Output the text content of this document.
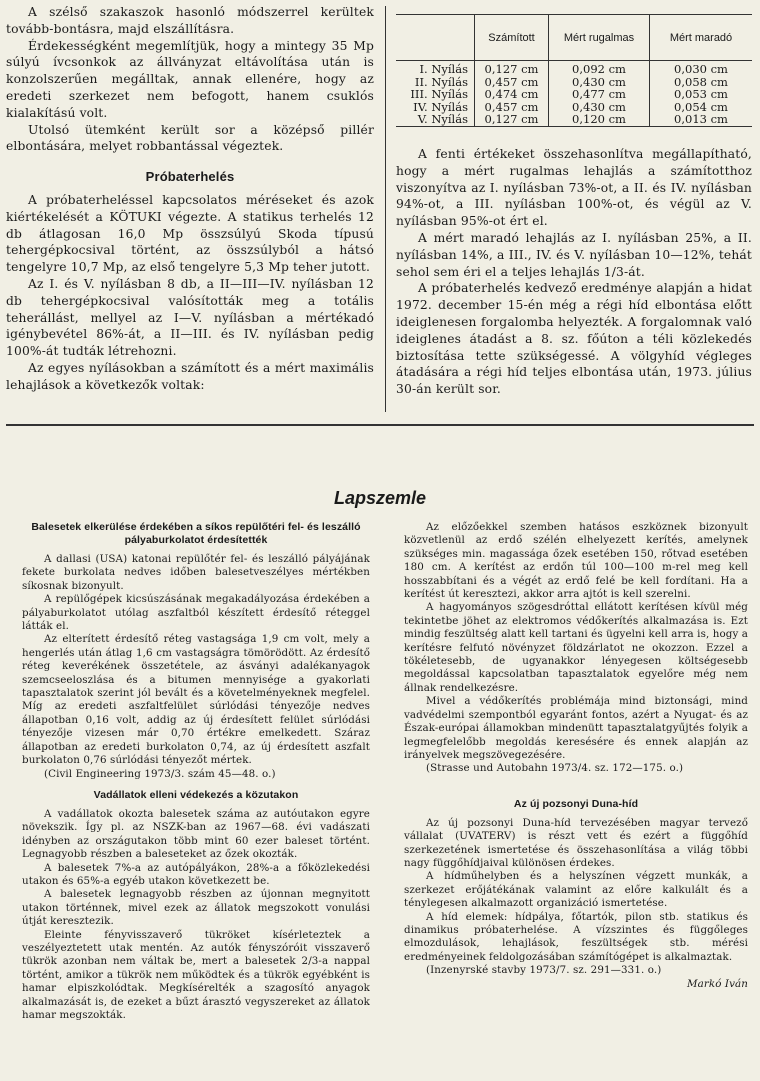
A szélső szakaszok hasonló módszerrel kerültek tovább-bontásra, majd elszállításra.

Érdekességként megemlítjük, hogy a mintegy 35 Mp súlyú ívcsonkok az állványzat eltávolítása után is konzolszerűen megálltak, annak ellenére, hogy az eredeti szerkezet nem befogott, hanem csuklós kialakítású volt.

Utolsó ütemként került sor a középső pillér elbontására, melyet robbantással végeztek.

Próbaterhelés

A próbaterheléssel kapcsolatos méréseket és azok kiértékelését a KÖTUKI végezte. A statikus terhelés 12 db átlagosan 16,0 Mp összsúlyú Skoda típusú tehergépkocsival történt, az összsúlyból a hátsó tengelyre 10,7 Mp, az első tengelyre 5,3 Mp teher jutott.

Az I. és V. nyílásban 8 db, a II—III—IV. nyílásban 12 db tehergépkocsival valósították meg a totális teherállást, mellyel az I—V. nyílásban a mértékadó igénybevétel 86%-át, a II—III. és IV. nyílásban pedig 100%-át tudták létrehozni.

Az egyes nyílásokban a számított és a mért maximális lehajlások a következők voltak:

	Számított	Mért rugalmas	Mért maradó
I. Nyílás	0,127 cm	0,092 cm	0,030 cm
II. Nyílás	0,457 cm	0,430 cm	0,058 cm
III. Nyílás	0,474 cm	0,477 cm	0,053 cm
IV. Nyílás	0,457 cm	0,430 cm	0,054 cm
V. Nyílás	0,127 cm	0,120 cm	0,013 cm

A fenti értékeket összehasonlítva megállapítható, hogy a mért rugalmas lehajlás a számítotthoz viszonyítva az I. nyílásban 73%-ot, a II. és IV. nyílásban 94%-ot, a III. nyílásban 100%-ot, és végül az V. nyílásban 95%-ot ért el.

A mért maradó lehajlás az I. nyílásban 25%, a II. nyílásban 14%, a III., IV. és V. nyílásban 10—12%, tehát sehol sem éri el a teljes lehajlás 1/3-át.

A próbaterhelés kedvező eredménye alapján a hidat 1972. december 15-én még a régi híd elbontása előtt ideiglenesen forgalomba helyezték. A forgalomnak való ideiglenes átadást a 8. sz. főúton a téli közlekedés biztosítása tette szükségessé. A völgyhíd végleges átadására a régi híd teljes elbontása után, 1973. július 30-án került sor.

Lapszemle

Balesetek elkerülése érdekében a síkos repülőtéri fel- és leszálló pályaburkolatot érdesítették

A dallasi (USA) katonai repülőtér fel- és leszálló pályájának fekete burkolata nedves időben balesetveszélyes mértékben síkosnak bizonyult.

A repülőgépek kicsúszásának megakadályozása érdekében a pályaburkolatot utólag aszfaltból készített érdesítő réteggel látták el.

Az elterített érdesítő réteg vastagsága 1,9 cm volt, mely a hengerlés után átlag 1,6 cm vastagságra tömörödött. Az érdesítő réteg keverékének összetétele, az ásványi adalékanyagok szemcseeloszlása és a bitumen mennyisége a gyakorlati tapasztalatok szerint jól bevált és a követelményeknek megfelel. Míg az eredeti aszfaltfelület súrlódási tényezője nedves állapotban 0,16 volt, addig az új érdesített felület súrlódási tényezője vizesen már 0,70 értékre emelkedett. Száraz állapotban az eredeti burkolaton 0,74, az új érdesített aszfalt burkolaton 0,76 súrlódási tényezőt mértek.

(Civil Engineering 1973/3. szám 45—48. o.)

Vadállatok elleni védekezés a közutakon

A vadállatok okozta balesetek száma az autóutakon egyre növekszik. Így pl. az NSZK-ban az 1967—68. évi vadászati idényben az országutakon több mint 60 ezer baleset történt. Legnagyobb részben a baleseteket az őzek okozták.

A balesetek 7%-a az autópályákon, 28%-a a főközlekedési utakon és 65%-a egyéb utakon következett be.

A balesetek legnagyobb részben az újonnan megnyitott utakon történnek, mivel ezek az állatok megszokott vonulási útját keresztezik.

Eleinte fényvisszaverő tükröket kísérleteztek a veszélyeztetett utak mentén. Az autók fényszóróit visszaverő tükrök azonban nem váltak be, mert a balesetek 2/3-a nappal történt, amikor a tükrök nem működtek és a tükrök egyébként is hamar elpiszkolódtak. Megkísérelték a szagosító anyagok alkalmazását is, de ezeket a bűzt árasztó vegyszereket az állatok hamar megszokták.

Az előzőekkel szemben hatásos eszköznek bizonyult közvetlenül az erdő szélén elhelyezett kerítés, amelynek szükséges min. magassága őzek esetében 150, rőtvad esetében 180 cm. A kerítést az erdőn túl 100—100 m-rel meg kell hosszabbítani és a végét az erdő felé be kell fordítani. Ha a kerítést út keresztezi, akkor arra ajtót is kell szerelni.

A hagyományos szögesdróttal ellátott kerítésen kívül még tekintetbe jöhet az elektromos védőkerítés alkalmazása is. Ezt mindig feszültség alatt kell tartani és ügyelni kell arra is, hogy a kerítésre felfutó növényzet földzárlatot ne okozzon. Ezzel a tökéletesebb, de ugyanakkor lényegesen költségesebb megoldással kapcsolatban tapasztalatok egyelőre még nem állnak rendelkezésre.

Mivel a védőkerítés problémája mind biztonsági, mind vadvédelmi szempontból egyaránt fontos, azért a Nyugat- és az Észak-európai államokban mindenütt tapasztalatgyűjtés folyik a legmegfelelőbb megoldás keresésére és ennek alapján az irányelvek megszövegezésére.

(Strasse und Autobahn 1973/4. sz. 172—175. o.)

Az új pozsonyi Duna-híd

Az új pozsonyi Duna-híd tervezésében magyar tervező vállalat (UVATERV) is részt vett és ezért a függőhíd szerkezetének ismertetése és összehasonlítása a világ többi nagy függőhídjaival különösen érdekes.

A hídműhelyben és a helyszínen végzett munkák, a szerkezet erőjátékának valamint az előre kalkulált és a ténylegesen alkalmazott organizáció ismertetése.

A híd elemek: hídpálya, főtartók, pilon stb. statikus és dinamikus próbaterhelése. A vízszintes és függőleges elmozdulások, lehajlások, feszültségek stb. mérési eredményeinek feldolgozásában számítógépet is alkalmaztak.

(Inzenyrské stavby 1973/7. sz. 291—331. o.)

Markó Iván
